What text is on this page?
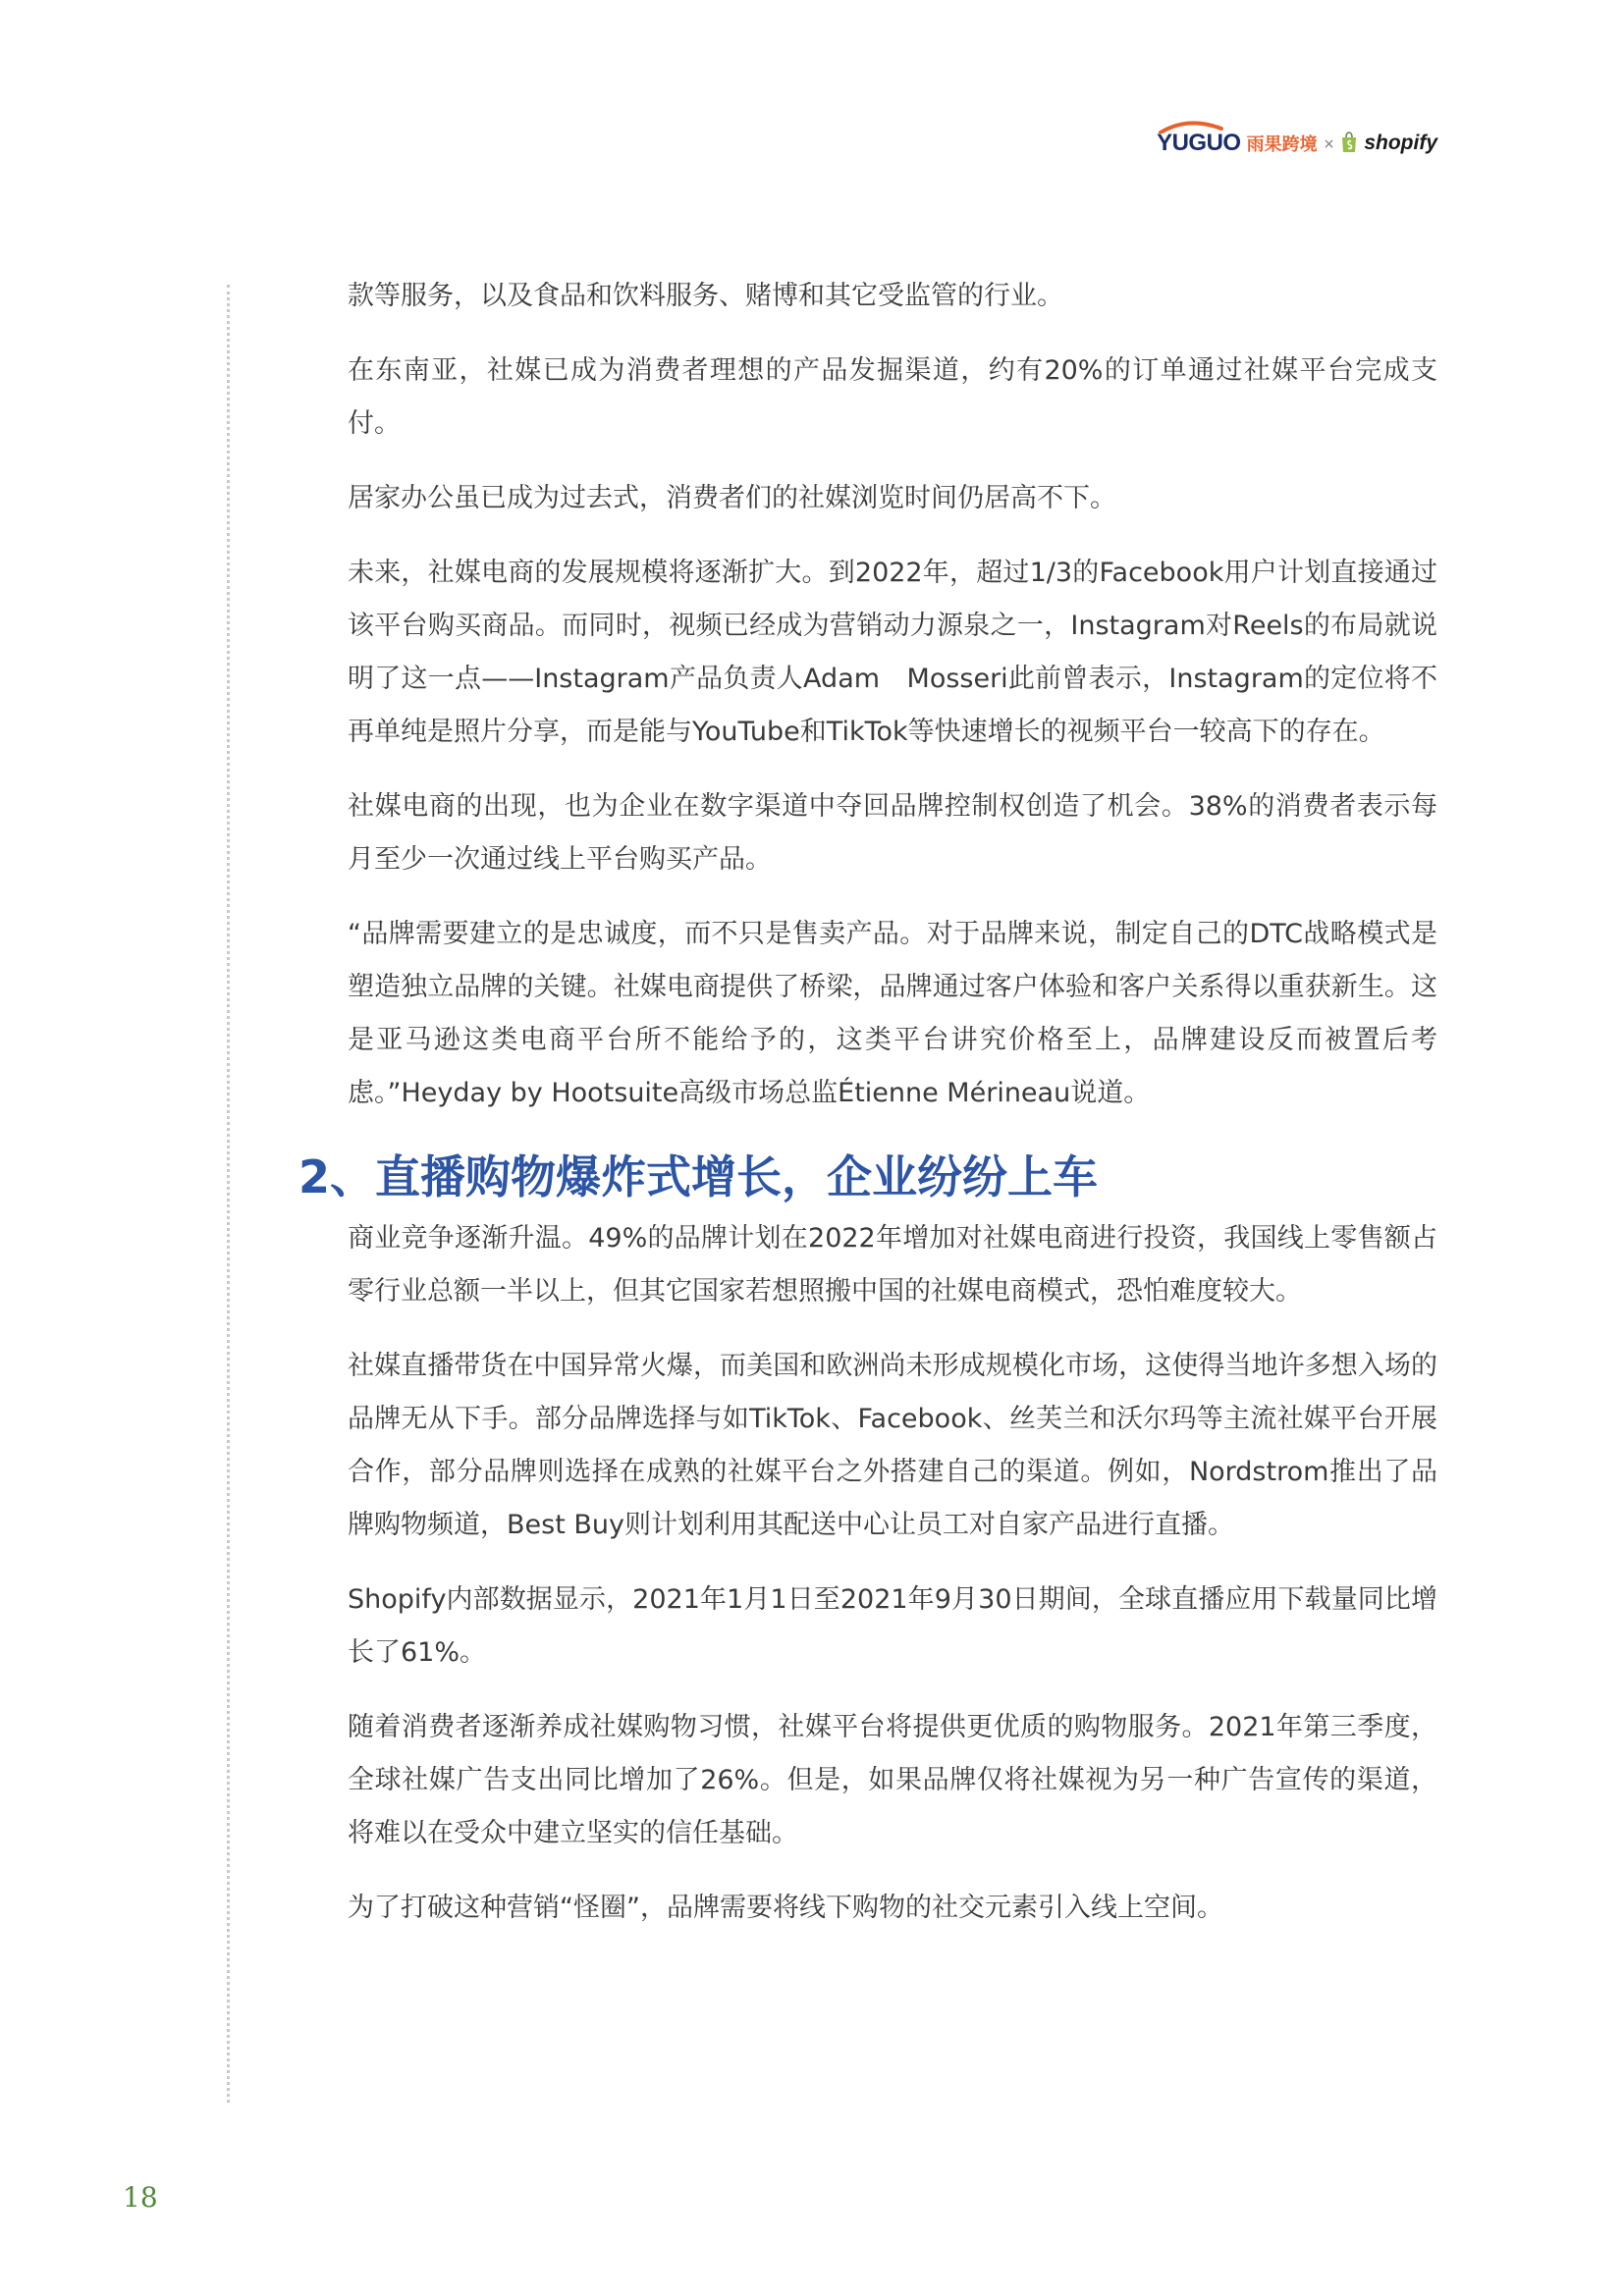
YUGUO 雨果跨境 × shopify

款等服务，以及食品和饮料服务、赌博和其它受监管的行业。

在东南亚，社媒已成为消费者理想的产品发掘渠道，约有20%的订单通过社媒平台完成支付。

居家办公虽已成为过去式，消费者们的社媒浏览时间仍居高不下。

未来，社媒电商的发展规模将逐渐扩大。到2022年，超过1/3的Facebook用户计划直接通过该平台购买商品。而同时，视频已经成为营销动力源泉之一，Instagram对Reels的布局就说明了这一点——Instagram产品负责人Adam　Mosseri此前曾表示，Instagram的定位将不再单纯是照片分享，而是能与YouTube和TikTok等快速增长的视频平台一较高下的存在。

社媒电商的出现，也为企业在数字渠道中夺回品牌控制权创造了机会。38%的消费者表示每月至少一次通过线上平台购买产品。

“品牌需要建立的是忠诚度，而不只是售卖产品。对于品牌来说，制定自己的DTC战略模式是塑造独立品牌的关键。社媒电商提供了桥梁，品牌通过客户体验和客户关系得以重获新生。这是亚马逊这类电商平台所不能给予的，这类平台讲究价格至上，品牌建设反而被置后考虑。”Heyday by Hootsuite高级市场总监Étienne Mérineau说道。

2、直播购物爆炸式增长，企业纷纷上车

商业竞争逐渐升温。49%的品牌计划在2022年增加对社媒电商进行投资，我国线上零售额占零行业总额一半以上，但其它国家若想照搬中国的社媒电商模式，恐怕难度较大。

社媒直播带货在中国异常火爆，而美国和欧洲尚未形成规模化市场，这使得当地许多想入场的品牌无从下手。部分品牌选择与如TikTok、Facebook、丝芙兰和沃尔玛等主流社媒平台开展合作，部分品牌则选择在成熟的社媒平台之外搭建自己的渠道。例如，Nordstrom推出了品牌购物频道，Best Buy则计划利用其配送中心让员工对自家产品进行直播。

Shopify内部数据显示，2021年1月1日至2021年9月30日期间，全球直播应用下载量同比增长了61%。

随着消费者逐渐养成社媒购物习惯，社媒平台将提供更优质的购物服务。2021年第三季度，全球社媒广告支出同比增加了26%。但是，如果品牌仅将社媒视为另一种广告宣传的渠道，将难以在受众中建立坚实的信任基础。

为了打破这种营销“怪圈”，品牌需要将线下购物的社交元素引入线上空间。

18
